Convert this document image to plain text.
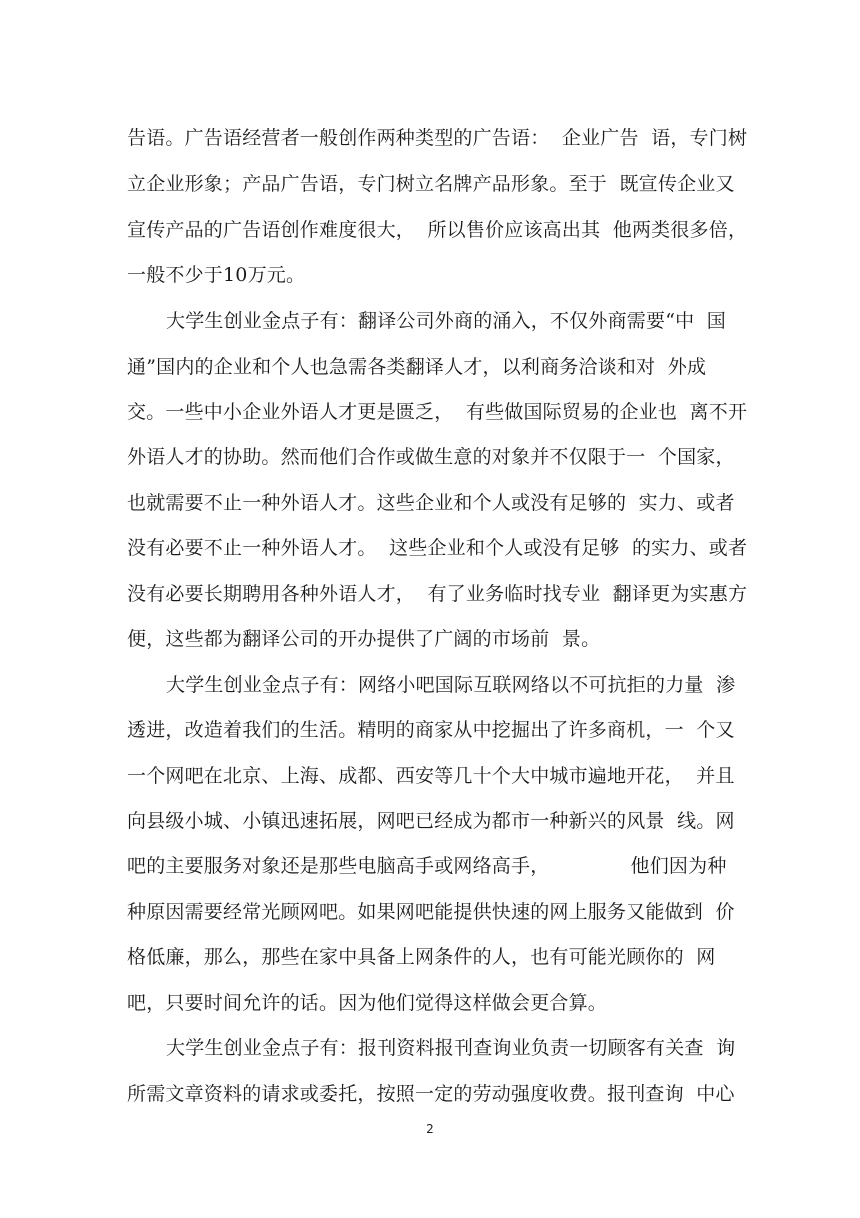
告语。广告语经营者一般创作两种类型的广告语：  企业广告  语，专门树
立企业形象；产品广告语，专门树立名牌产品形象。至于  既宣传企业又
宣传产品的广告语创作难度很大，  所以售价应该高出其  他两类很多倍，
一般不少于10万元。
大学生创业金点子有：翻译公司外商的涌入，不仅外商需要“中  国
通”国内的企业和个人也急需各类翻译人才，以利商务洽谈和对  外成
交。一些中小企业外语人才更是匮乏，  有些做国际贸易的企业也  离不开
外语人才的协助。然而他们合作或做生意的对象并不仅限于一  个国家，
也就需要不止一种外语人才。这些企业和个人或没有足够的  实力、或者
没有必要不止一种外语人才。  这些企业和个人或没有足够  的实力、或者
没有必要长期聘用各种外语人才，  有了业务临时找专业  翻译更为实惠方
便，这些都为翻译公司的开办提供了广阔的市场前  景。
大学生创业金点子有：网络小吧国际互联网络以不可抗拒的力量  渗
透进，改造着我们的生活。精明的商家从中挖掘出了许多商机，一  个又
一个网吧在北京、上海、成都、西安等几十个大中城市遍地开花，  并且
向县级小城、小镇迅速拓展，网吧已经成为都市一种新兴的风景  线。网
吧的主要服务对象还是那些电脑高手或网络高手，             他们因为种
种原因需要经常光顾网吧。如果网吧能提供快速的网上服务又能做到  价
格低廉，那么，那些在家中具备上网条件的人，也有可能光顾你的  网
吧，只要时间允许的话。因为他们觉得这样做会更合算。
大学生创业金点子有：报刊资料报刊查询业负责一切顾客有关查  询
所需文章资料的请求或委托，按照一定的劳动强度收费。报刊查询  中心
2
